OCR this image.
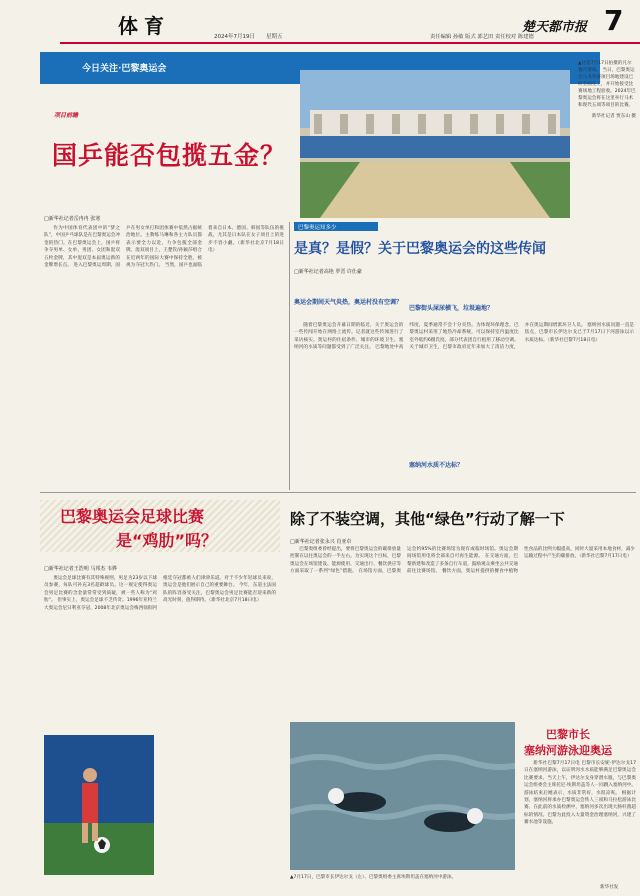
体育	2024年7月19日 星期五
楚天都市报
责任编辑 孙敏 版式 郭艺田 责任校对 陈建德	7
今日关注·巴黎奥运会
▲这是7月17日拍摄的凡尔赛宫赛场。 当日，巴黎奥运会马术各赛项目场地建设已经全面完工，并开始接受比赛场地工程验收。2024年巴黎奥运会将在这里举行马术和现代五项等项目的比赛。
新华社记者 贾东山 摄
项目前瞻
国乒能否包揽五金？
□新华社记者岳冉冉 张寒

作为中国体育代表团中的“梦之队”，中国乒乓球队是在巴黎奥运会冲金的热门。在巴黎奥运会上，国乒将争夺男单、女单、男团、女团和混双五枚金牌，其中混双是本届奥运新的金牌增长点。 进入巴黎奥运周期，国乒在男女单打和团体赛中依然占据统治地位。主教练马琳和各主力队员都表示要全力以赴，力争包揽全部金牌。混双项目上，王楚钦/孙颖莎组合在近两年的国际大赛中保持全胜，被视为夺冠大热门。 当然，国乒也面临着来自日本、德国、韩国等队伍的挑战，尤其是日本队在女子项目上的进步不容小觑。（新华社北京7月18日电）

巴黎奥运知多少
是真？是假？关于巴黎奥运会的这些传闻
□新华社记者高艳 罗晋 许仕豪
奥运会期间天气炎热，奥运村没有空调？
巴黎街头屎尿横飞，垃圾遍地？
塞纳河水质不达标？

随着巴黎奥运会开幕日期的临近，关于奥运会的一些传闻开始在网络上流传。记者就这些传闻进行了采访核实。奥运村的住宿条件、城市的环境卫生、塞纳河的水质等问题都受到了广泛关注。 巴黎地处中高纬度，夏季通常不会十分炎热。为体现环保理念，巴黎奥运村采用了地热冷却系统，可以保持室内温度比室外低约6摄氏度。部分代表团自行租用了移动空调。 关于城市卫生，巴黎市政府近年来加大了清洁力度，并在奥运期间增派环卫人员。 塞纳河水质问题一直是焦点，巴黎市长伊达尔戈已于7月17日下河游泳以示水质达标。（新华社巴黎7月18日电）

巴黎奥运会足球比赛
是“鸡肋”吗？
□新华社记者王浩明 马邦杰 韦骅

奥运会足球比赛有其特殊规则，男足为23岁以下球员参赛，每队可补充3名超龄球员。这一规定使得奥运会男足比赛的含金量常常受到质疑，被一些人称为“鸡肋”。 但事实上，奥运会足球不乏传奇。1996年亚特兰大奥运会尼日利亚夺冠、2008年北京奥运会梅西领衔阿根廷夺冠都被人们津津乐道。对于不少年轻球员来说，奥运会是他们展示自己的重要舞台。 今年，东道主法国队的阵容备受关注，巴黎奥运会男足比赛能否迎来新的高光时刻，值得期待。（新华社北京7月18日电）

除了不装空调，其他“绿色”行动了解一下
□新华社记者张永兴 肖亚卓

巴黎奥组委曾经提出，要将巴黎奥运会的碳排放量控制在以往奥运会的一半左右。为实现这个目标，巴黎奥运会在场馆建设、能源使用、交通出行、餐饮供应等方面采取了一系列“绿色”措施。 在场馆方面，巴黎奥运会约95%的比赛场馆为现有或临时场馆。奥运会期间场馆用电将全部来自可再生能源。 在交通方面，巴黎新建和改造了多条自行车道，鼓励观众乘坐公共交通前往比赛场馆。 餐饮方面，奥运村提供的餐食中植物性食品的比例大幅提高，同时大量采用本地食材，减少运输过程中产生的碳排放。（新华社巴黎7月17日电）

▲7月17日，巴黎市长伊达尔戈（左）、巴黎奥组委主席埃斯坦盖在塞纳河中游泳。
新华社发
巴黎市长
塞纳河游泳迎奥运

新华社巴黎7月17日电 巴黎市长安妮·伊达尔戈17日在塞纳河游泳，以证明河水水质能够满足巴黎奥运会比赛要求。当天上午，伊达尔戈身穿潜水服，与巴黎奥运会组委会主席托尼·埃斯坦盖等人一同跳入塞纳河中。游泳结束后她表示，水质非常好，水很凉爽。 根据计划，塞纳河将承办巴黎奥运会铁人三项和马拉松游泳比赛。在此前的水质检测中，塞纳河多次出现大肠杆菌超标的情况。巴黎为此投入大量资金治理塞纳河，兴建了蓄水池等设施。
